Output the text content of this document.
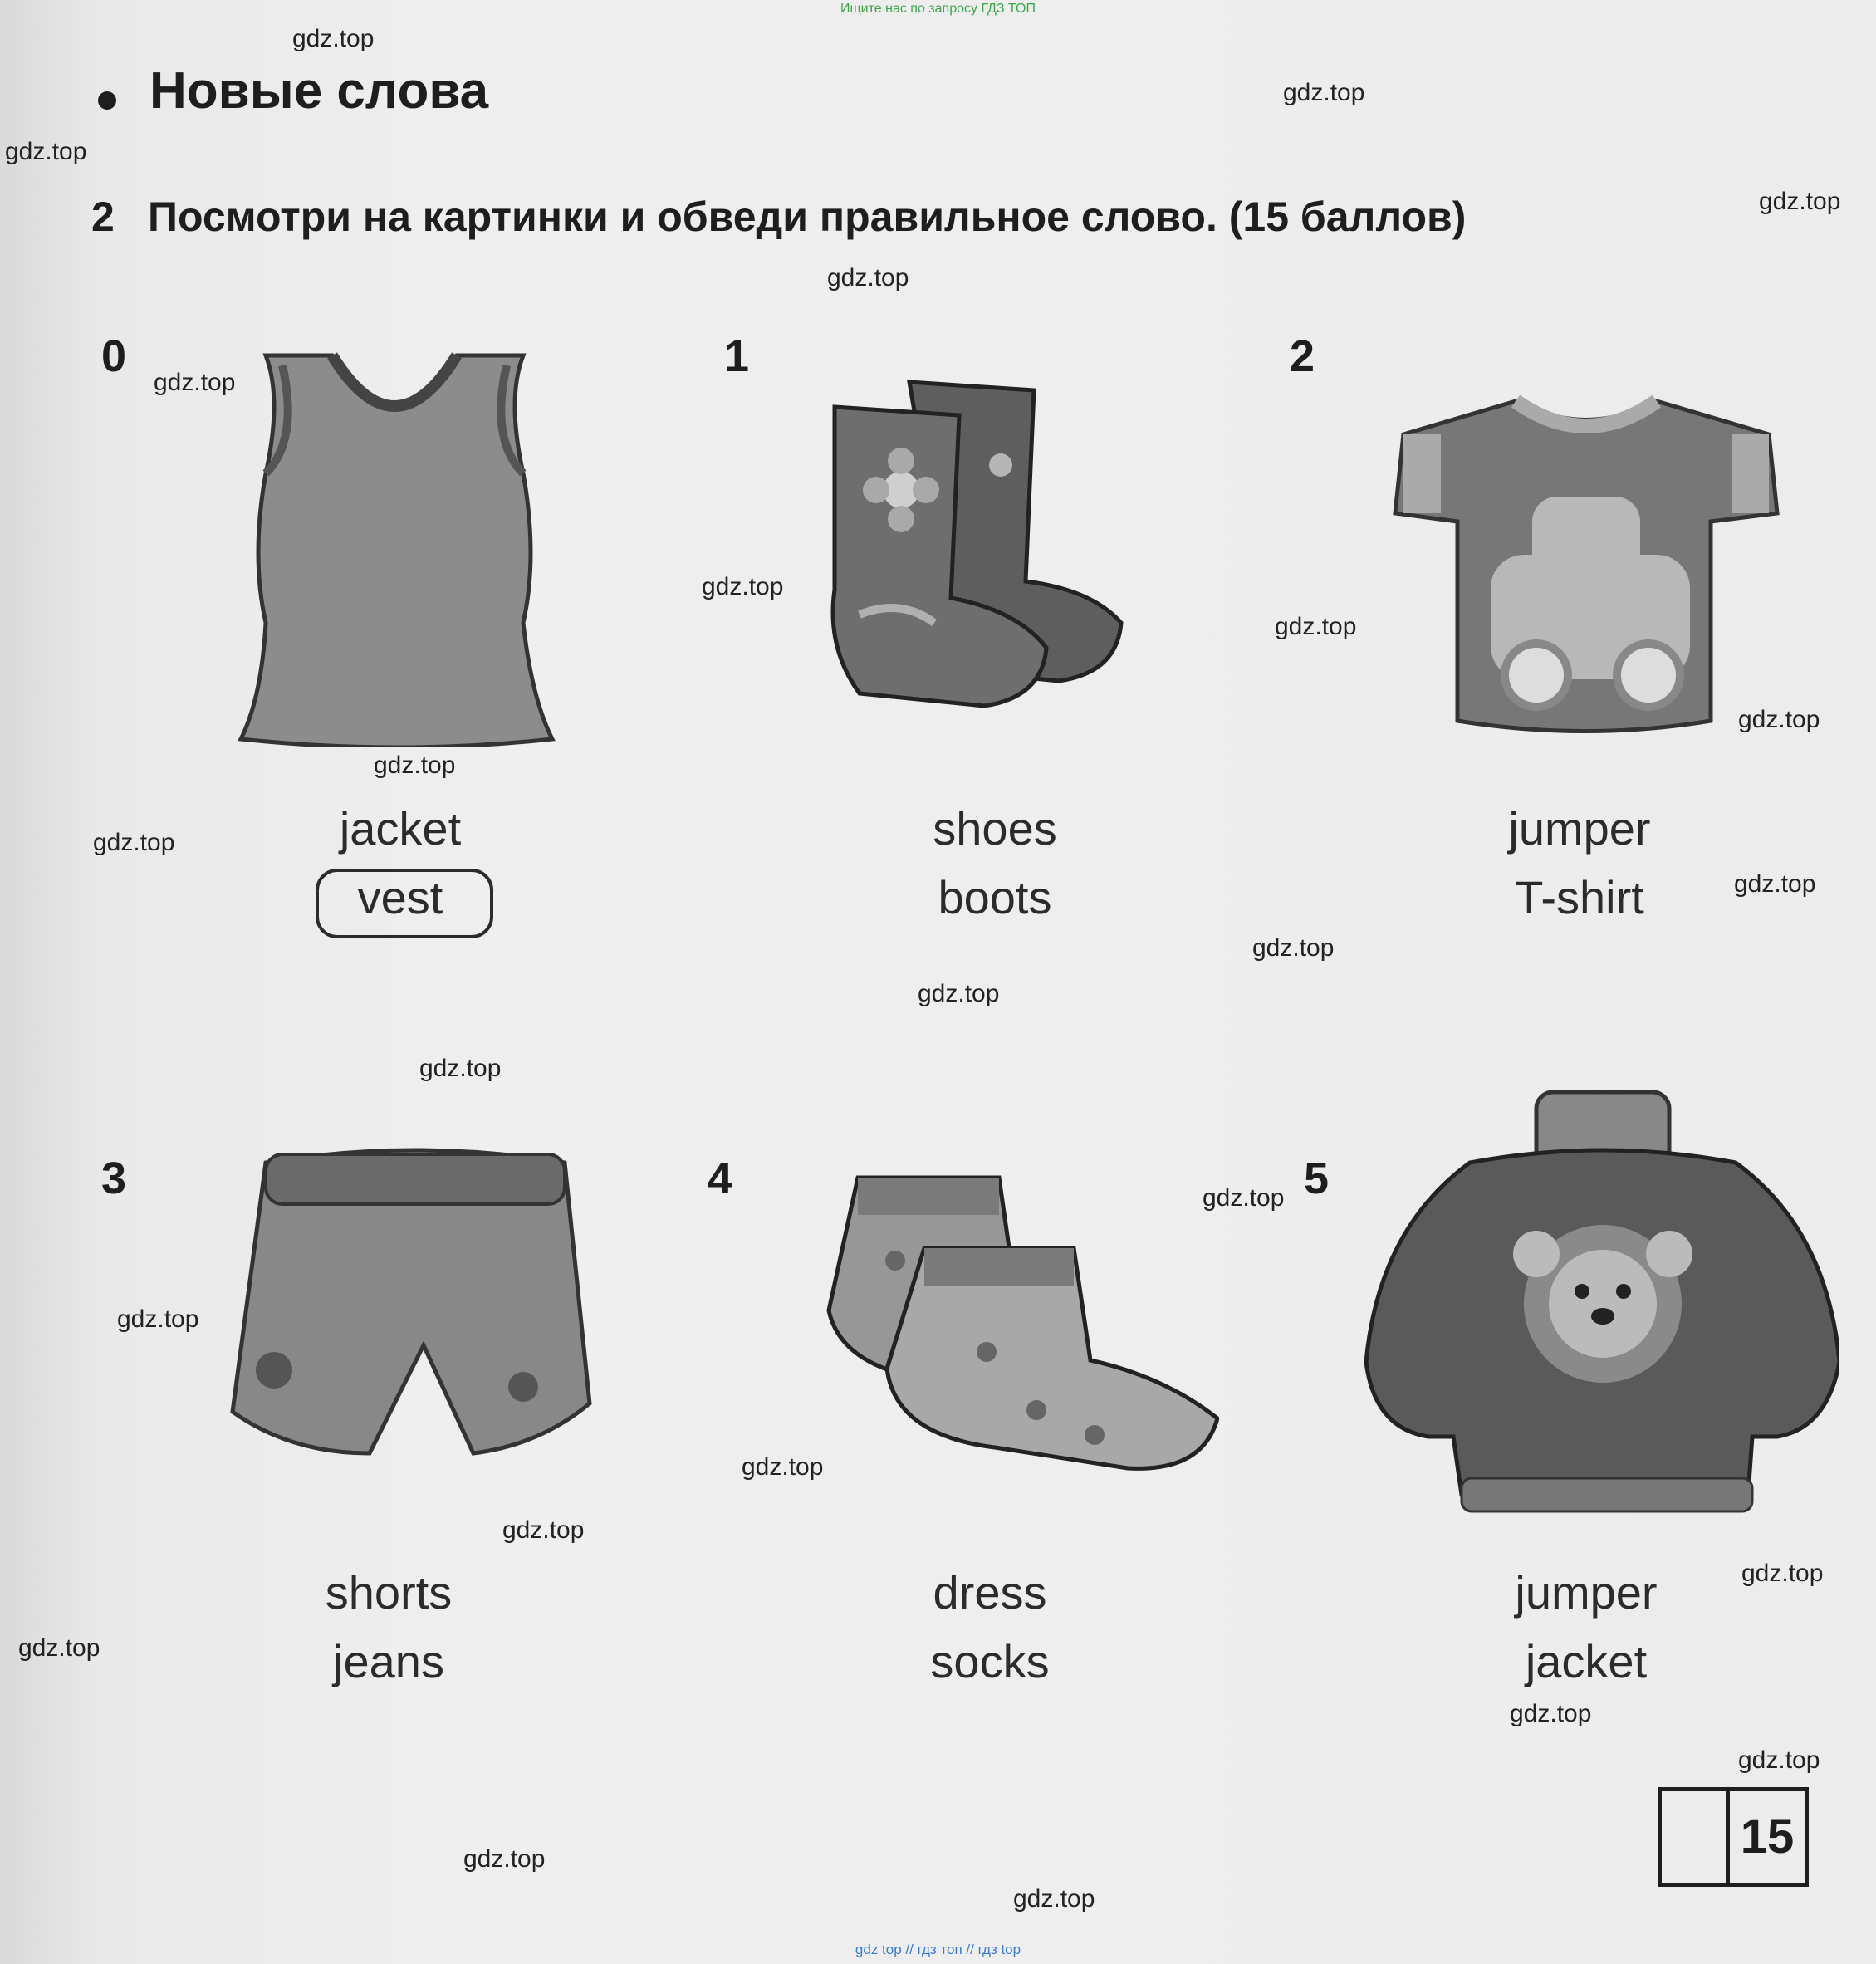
Ищите нас по запросу ГДЗ ТОП
Новые слова
2 Посмотри на картинки и обведи правильное слово. (15 баллов)
0
jacket
vest
1
shoes
boots
2
jumper
T-shirt
3
shorts
jeans
4
dress
socks
5
jumper
jacket
15
gdz.top
gdz.top
gdz.top
gdz.top
gdz.top
gdz.top
gdz.top
gdz.top
gdz.top
gdz.top
gdz.top
gdz.top
gdz.top
gdz.top
gdz.top
gdz.top
gdz.top
gdz.top
gdz.top
gdz.top
gdz.top
gdz.top
gdz.top
gdz.top
gdz.top
gdz top // гдз топ // гдз top
